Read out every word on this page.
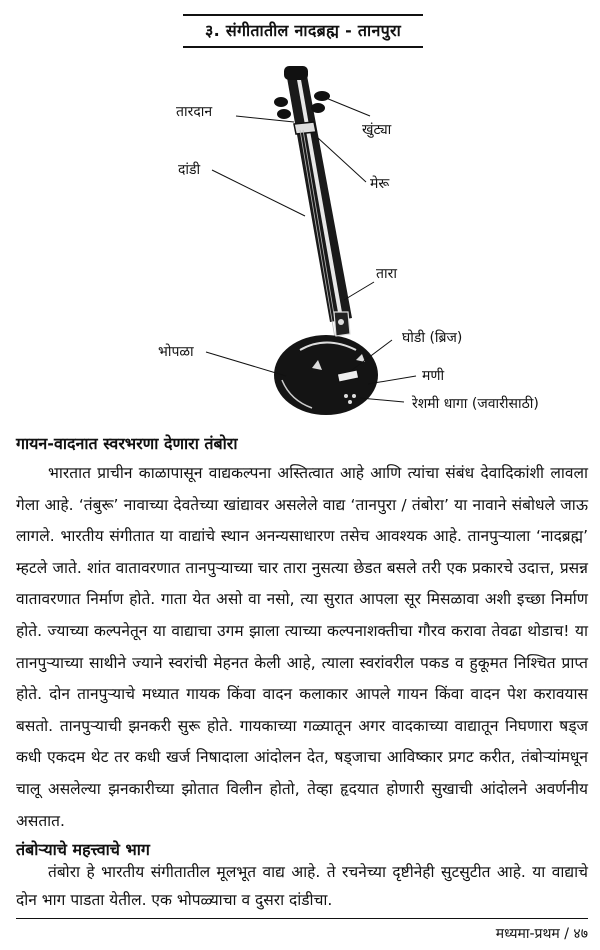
३. संगीतातील नादब्रह्म - तानपुरा
तारदान
खुंट्या
दांडी
मेरू
तारा
घोडी (ब्रिज)
भोपळा
मणी
रेशमी धागा (जवारीसाठी)
गायन-वादनात स्वरभरणा देणारा तंबोरा

भारतात प्राचीन काळापासून वाद्यकल्पना अस्तित्वात आहे आणि त्यांचा संबंध देवादिकांशी लावला गेला आहे. ‘तंबुरू’ नावाच्या देवतेच्या खांद्यावर असलेले वाद्य ‘तानपुरा / तंबोरा’ या नावाने संबोधले जाऊ लागले. भारतीय संगीतात या वाद्यांचे स्थान अनन्यसाधारण तसेच आवश्यक आहे. तानपुऱ्याला ‘नादब्रह्म’ म्हटले जाते. शांत वातावरणात तानपुऱ्याच्या चार तारा नुसत्या छेडत बसले तरी एक प्रकारचे उदात्त, प्रसन्न वातावरणात निर्माण होते. गाता येत असो वा नसो, त्या सुरात आपला सूर मिसळावा अशी इच्छा निर्माण होते. ज्याच्या कल्पनेतून या वाद्याचा उगम झाला त्याच्या कल्पनाशक्तीचा गौरव करावा तेवढा थोडाच! या तानपुऱ्याच्या साथीने ज्याने स्वरांची मेहनत केली आहे, त्याला स्वरांवरील पकड व हुकूमत निश्चित प्राप्त होते. दोन तानपुऱ्याचे मध्यात गायक किंवा वादन कलाकार आपले गायन किंवा वादन पेश करावयास बसतो. तानपुऱ्याची झनकरी सुरू होते. गायकाच्या गळ्यातून अगर वादकाच्या वाद्यातून निघणारा षड्ज कधी एकदम थेट तर कधी खर्ज निषादाला आंदोलन देत, षड्जाचा आविष्कार प्रगट करीत, तंबोऱ्यांमधून चालू असलेल्या झनकारीच्या झोतात विलीन होतो, तेव्हा हृदयात होणारी सुखाची आंदोलने अवर्णनीय असतात.

तंबोऱ्याचे महत्त्वाचे भाग

तंबोरा हे भारतीय संगीतातील मूलभूत वाद्य आहे. ते रचनेच्या दृष्टीनेही सुटसुटीत आहे. या वाद्याचे दोन भाग पाडता येतील. एक भोपळ्याचा व दुसरा दांडीचा.

मध्यमा-प्रथम / ४७
